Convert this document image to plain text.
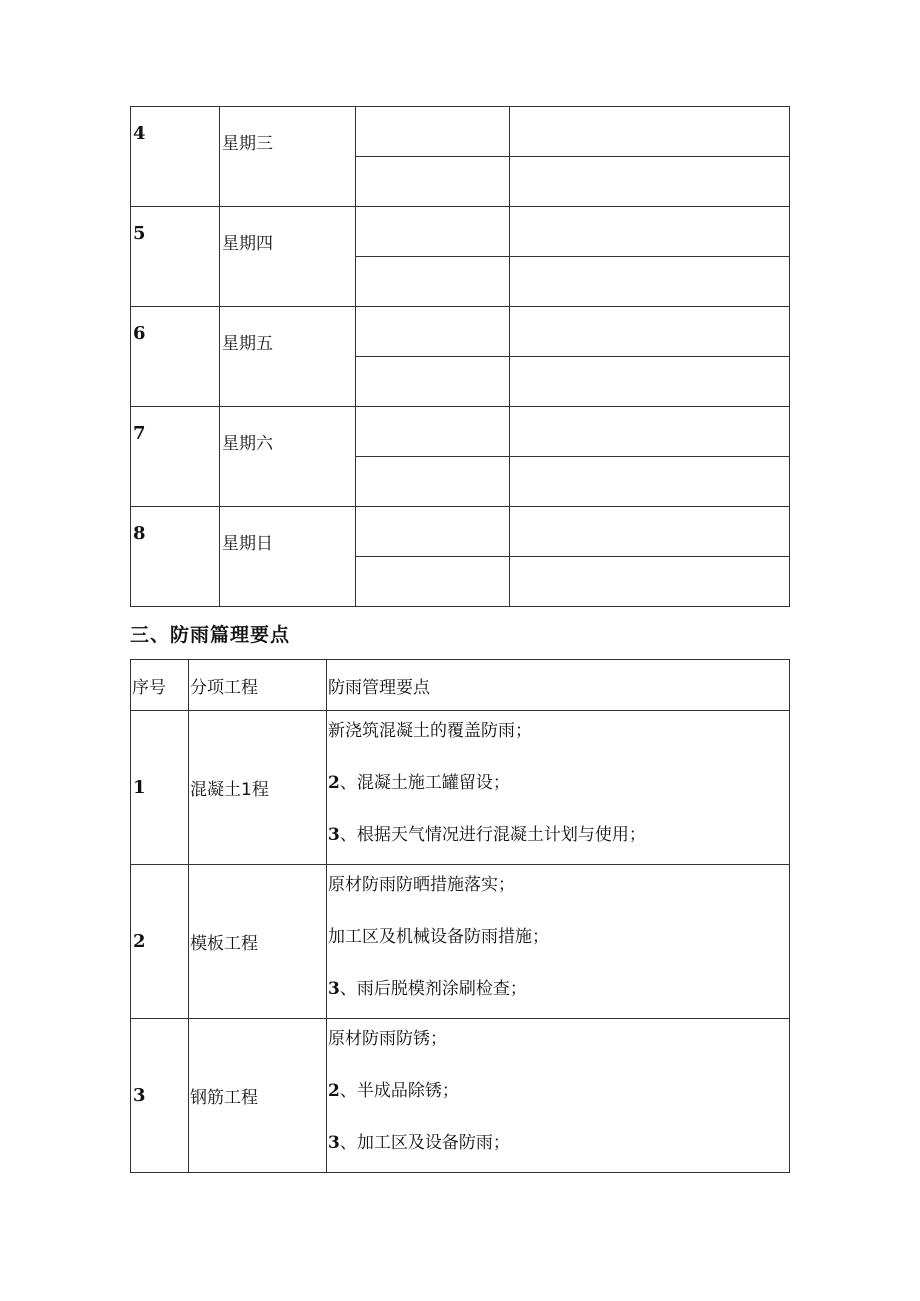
4	星期三		

5	星期四		

6	星期五		

7	星期六		

8	星期日		

三、防雨篇理要点
序号	分项工程	防雨管理要点
1	混凝土1程	新浇筑混凝土的覆盖防雨；
2、混凝土施工罐留设；
3、根据天气情况进行混凝土计划与使用；

2	模板工程	原材防雨防晒措施落实；
加工区及机械设备防雨措施；
3、雨后脱模剂涂刷检查；

3	钢筋工程	原材防雨防锈；
2、半成品除锈；
3、加工区及设备防雨；
